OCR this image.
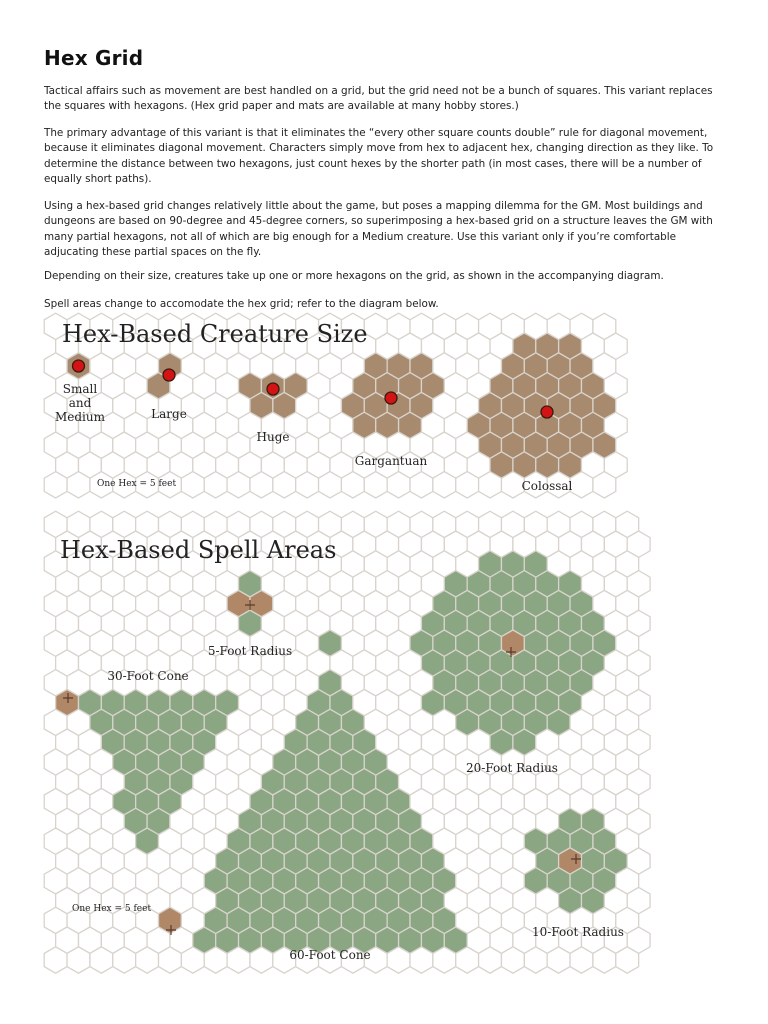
Hex Grid

Tactical affairs such as movement are best handled on a grid, but the grid need not be a bunch of squares. This variant replaces the squares with hexagons. (Hex grid paper and mats are available at many hobby stores.)

The primary advantage of this variant is that it eliminates the “every other square counts double” rule for diagonal movement, because it eliminates diagonal movement. Characters simply move from hex to adjacent hex, changing direction as they like. To determine the distance between two hexagons, just count hexes by the shorter path (in most cases, there will be a number of equally short paths).

Using a hex-based grid changes relatively little about the game, but poses a mapping dilemma for the GM. Most buildings and dungeons are based on 90-degree and 45-degree corners, so superimposing a hex-based grid on a structure leaves the GM with many partial hexagons, not all of which are big enough for a Medium creature. Use this variant only if you’re comfortable adjucating these partial spaces on the fly.

Depending on their size, creatures take up one or more hexagons on the grid, as shown in the accompanying diagram.

Spell areas change to accomodate the hex grid; refer to the diagram below.

Hex-Based Creature Size
Small
and
Medium	Large
Huge
Gargantuan
Colossal
One Hex = 5 feet
Hex-Based Spell Areas
5-Foot Radius
30-Foot Cone
20-Foot Radius
10-Foot Radius
60-Foot Cone
One Hex = 5 feet
